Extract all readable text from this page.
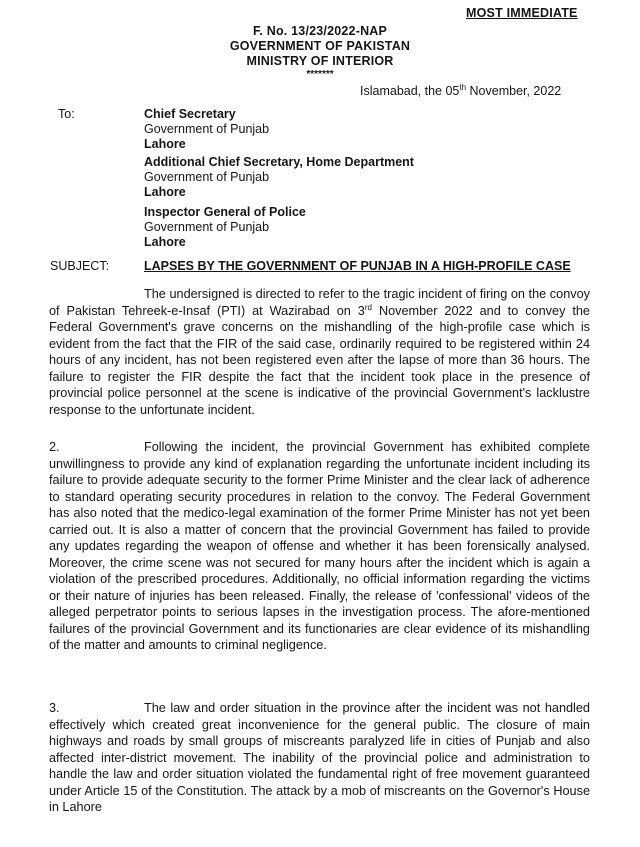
MOST IMMEDIATE
F. No. 13/23/2022-NAP
GOVERNMENT OF PAKISTAN
MINISTRY OF INTERIOR
*******
Islamabad, the 05th November, 2022
To:	Chief Secretary
Government of Punjab
Lahore
Additional Chief Secretary, Home Department
Government of Punjab
Lahore
Inspector General of Police
Government of Punjab
Lahore
SUBJECT:	LAPSES BY THE GOVERNMENT OF PUNJAB IN A HIGH-PROFILE CASE
The undersigned is directed to refer to the tragic incident of firing on the convoy of Pakistan Tehreek-e-Insaf (PTI) at Wazirabad on 3rd November 2022 and to convey the Federal Government's grave concerns on the mishandling of the high-profile case which is evident from the fact that the FIR of the said case, ordinarily required to be registered within 24 hours of any incident, has not been registered even after the lapse of more than 36 hours. The failure to register the FIR despite the fact that the incident took place in the presence of provincial police personnel at the scene is indicative of the provincial Government's lacklustre response to the unfortunate incident.
2.	Following the incident, the provincial Government has exhibited complete unwillingness to provide any kind of explanation regarding the unfortunate incident including its failure to provide adequate security to the former Prime Minister and the clear lack of adherence to standard operating security procedures in relation to the convoy. The Federal Government has also noted that the medico-legal examination of the former Prime Minister has not yet been carried out. It is also a matter of concern that the provincial Government has failed to provide any updates regarding the weapon of offense and whether it has been forensically analysed. Moreover, the crime scene was not secured for many hours after the incident which is again a violation of the prescribed procedures. Additionally, no official information regarding the victims or their nature of injuries has been released. Finally, the release of 'confessional' videos of the alleged perpetrator points to serious lapses in the investigation process. The afore-mentioned failures of the provincial Government and its functionaries are clear evidence of its mishandling of the matter and amounts to criminal negligence.
3.	The law and order situation in the province after the incident was not handled effectively which created great inconvenience for the general public. The closure of main highways and roads by small groups of miscreants paralyzed life in cities of Punjab and also affected inter-district movement. The inability of the provincial police and administration to handle the law and order situation violated the fundamental right of free movement guaranteed under Article 15 of the Constitution. The attack by a mob of miscreants on the Governor's House in Lahore
